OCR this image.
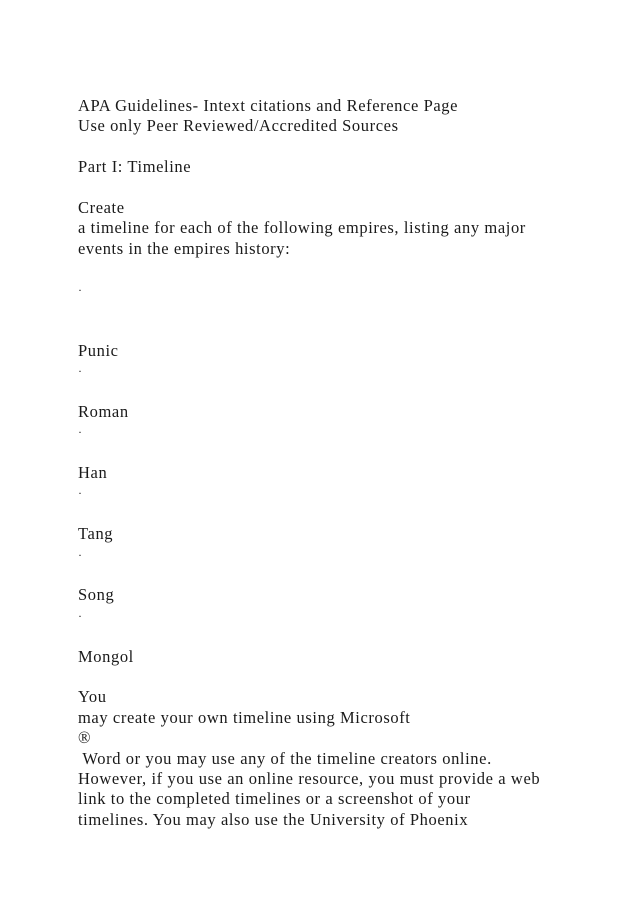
APA Guidelines- Intext citations and Reference Page
Use only Peer Reviewed/Accredited Sources
Part I: Timeline
Create
a timeline for each of the following empires, listing any major
events in the empires history:
·
Punic
·
Roman
·
Han
·
Tang
·
Song
·
Mongol
You
may create your own timeline using Microsoft
®
Word or you may use any of the timeline creators online.
However, if you use an online resource, you must provide a web
link to the completed timelines or a screenshot of your
timelines. You may also use the University of Phoenix
